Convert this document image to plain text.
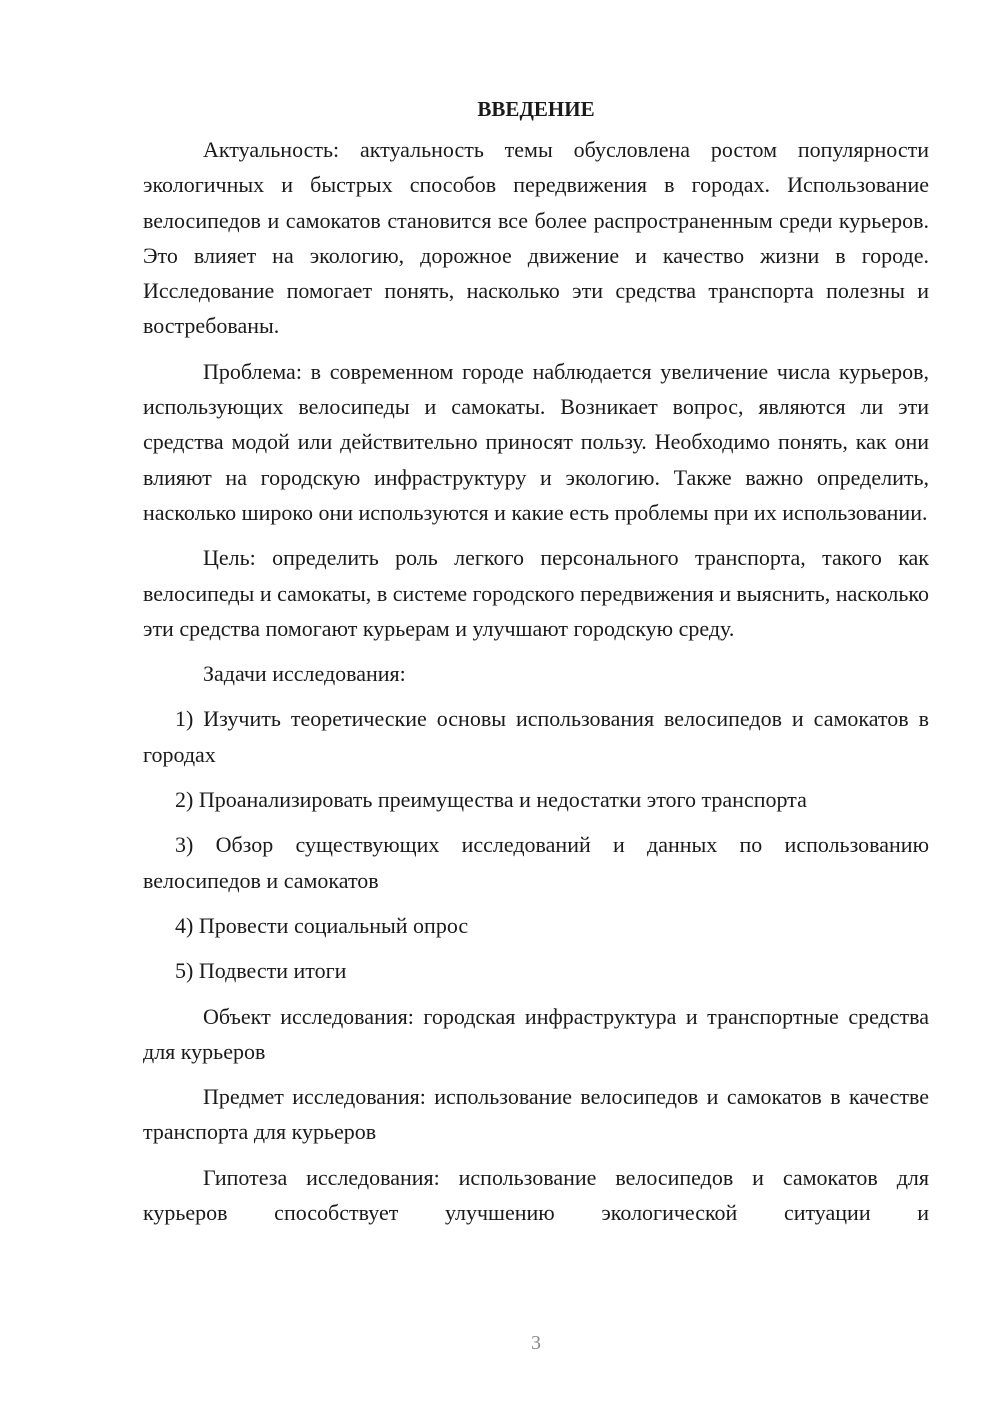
ВВЕДЕНИЕ

Актуальность: актуальность темы обусловлена ростом популярности экологичных и быстрых способов передвижения в городах. Использование велосипедов и самокатов становится все более распространенным среди курьеров. Это влияет на экологию, дорожное движение и качество жизни в городе. Исследование помогает понять, насколько эти средства транспорта полезны и востребованы.

Проблема: в современном городе наблюдается увеличение числа курьеров, использующих велосипеды и самокаты. Возникает вопрос, являются ли эти средства модой или действительно приносят пользу. Необходимо понять, как они влияют на городскую инфраструктуру и экологию. Также важно определить, насколько широко они используются и какие есть проблемы при их использовании.

Цель: определить роль легкого персонального транспорта, такого как велосипеды и самокаты, в системе городского передвижения и выяснить, насколько эти средства помогают курьерам и улучшают городскую среду.

Задачи исследования:

1) Изучить теоретические основы использования велосипедов и самокатов в городах

2) Проанализировать преимущества и недостатки этого транспорта

3) Обзор существующих исследований и данных по использованию велосипедов и самокатов

4) Провести социальный опрос

5) Подвести итоги

Объект исследования: городская инфраструктура и транспортные средства для курьеров

Предмет исследования: использование велосипедов и самокатов в качестве транспорта для курьеров

Гипотеза исследования: использование велосипедов и самокатов для курьеров способствует улучшению экологической ситуации и

3
